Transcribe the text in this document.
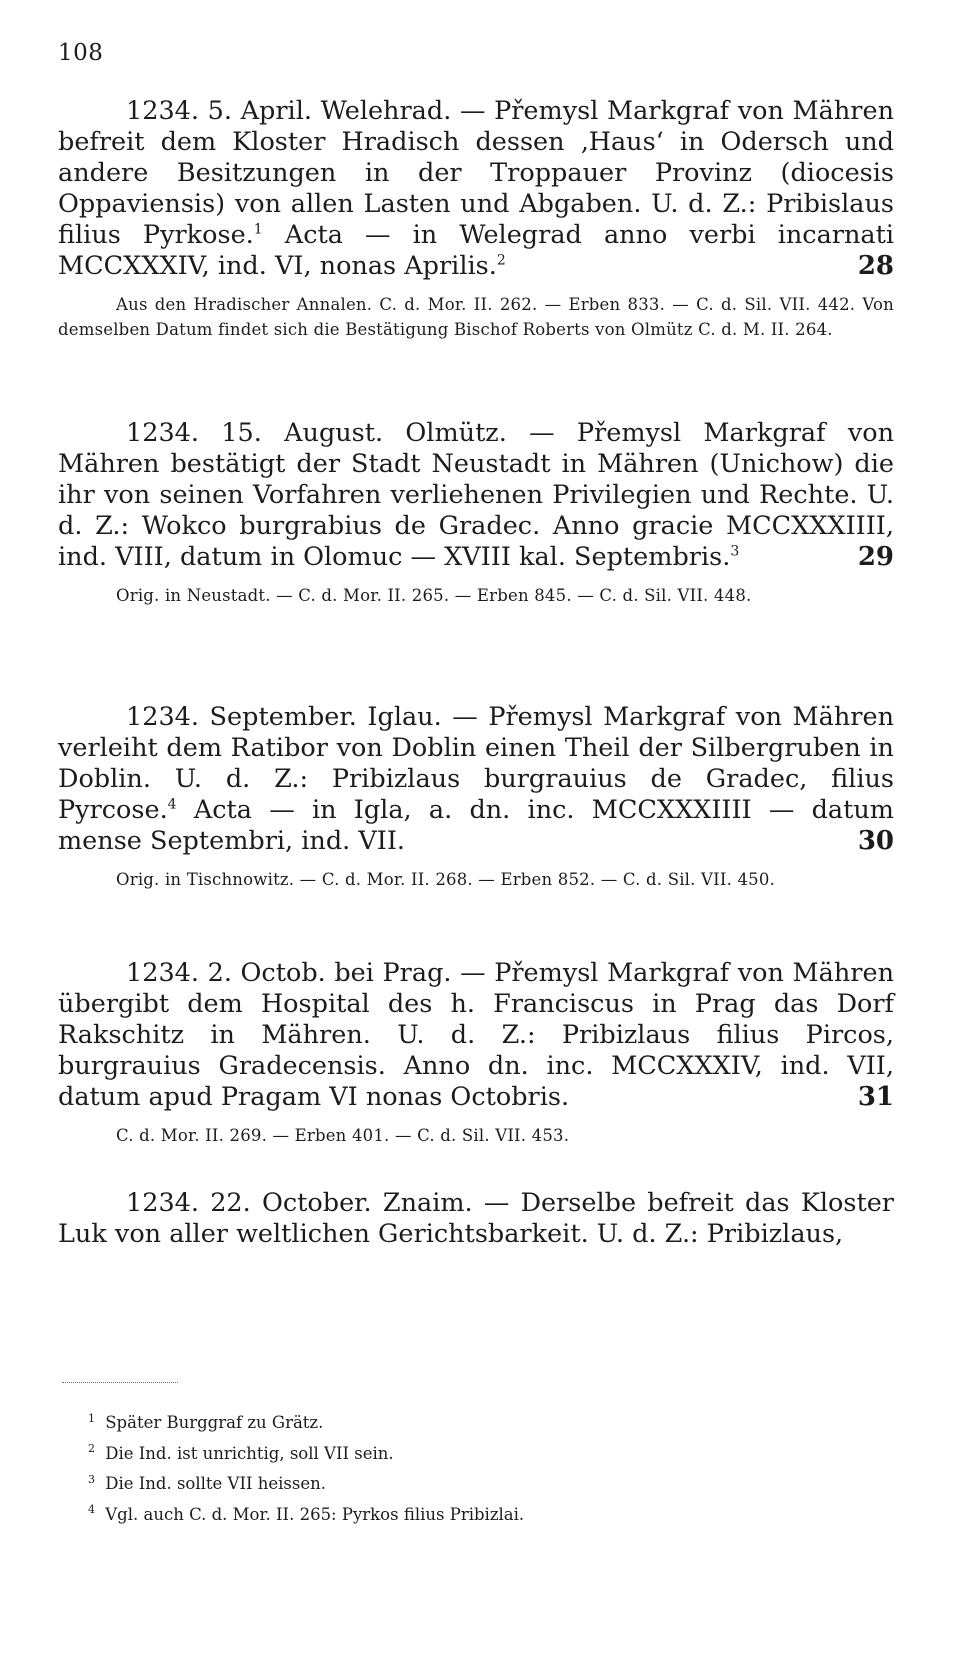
108

1234. 5. April. Welehrad. — Přemysl Markgraf von Mähren befreit dem Kloster Hradisch dessen ‚Haus‘ in Odersch und andere Besitzungen in der Troppauer Provinz (diocesis Oppaviensis) von allen Lasten und Abgaben. U. d. Z.: Pribislaus filius Pyrkose.$^1$ Acta — in Welegrad anno verbi incarnati MCCXXXIV, ind. VI, nonas Aprilis.$^2$	28

Aus den Hradischer Annalen. C. d. Mor. II. 262. — Erben 833. — C. d. Sil. VII. 442. Von demselben Datum findet sich die Bestätigung Bischof Roberts von Olmütz C. d. M. II. 264.

1234. 15. August. Olmütz. — Přemysl Markgraf von Mähren bestätigt der Stadt Neustadt in Mähren (Unichow) die ihr von seinen Vorfahren verliehenen Privilegien und Rechte. U. d. Z.: Wokco burgrabius de Gradec. Anno gracie MCCXXXIIII, ind. VIII, datum in Olomuc — XVIII kal. Septembris.$^3$	29

Orig. in Neustadt. — C. d. Mor. II. 265. — Erben 845. — C. d. Sil. VII. 448.

1234. September. Iglau. — Přemysl Markgraf von Mähren verleiht dem Ratibor von Doblin einen Theil der Silbergruben in Doblin. U. d. Z.: Pribizlaus burgrauius de Gradec, filius Pyrcose.$^4$ Acta — in Igla, a. dn. inc. MCCXXXIIII — datum mense Septembri, ind. VII.	30

Orig. in Tischnowitz. — C. d. Mor. II. 268. — Erben 852. — C. d. Sil. VII. 450.

1234. 2. Octob. bei Prag. — Přemysl Markgraf von Mähren übergibt dem Hospital des h. Franciscus in Prag das Dorf Rakschitz in Mähren. U. d. Z.: Pribizlaus filius Pircos, burgrauius Gradecensis. Anno dn. inc. MCCXXXIV, ind. VII, datum apud Pragam VI nonas Octobris.	31

C. d. Mor. II. 269. — Erben 401. — C. d. Sil. VII. 453.

1234. 22. October. Znaim. — Derselbe befreit das Kloster Luk von aller weltlichen Gerichtsbarkeit. U. d. Z.: Pribizlaus,

1 Später Burggraf zu Grätz.
2 Die Ind. ist unrichtig, soll VII sein.
3 Die Ind. sollte VII heissen.
4 Vgl. auch C. d. Mor. II. 265: Pyrkos filius Pribizlai.
